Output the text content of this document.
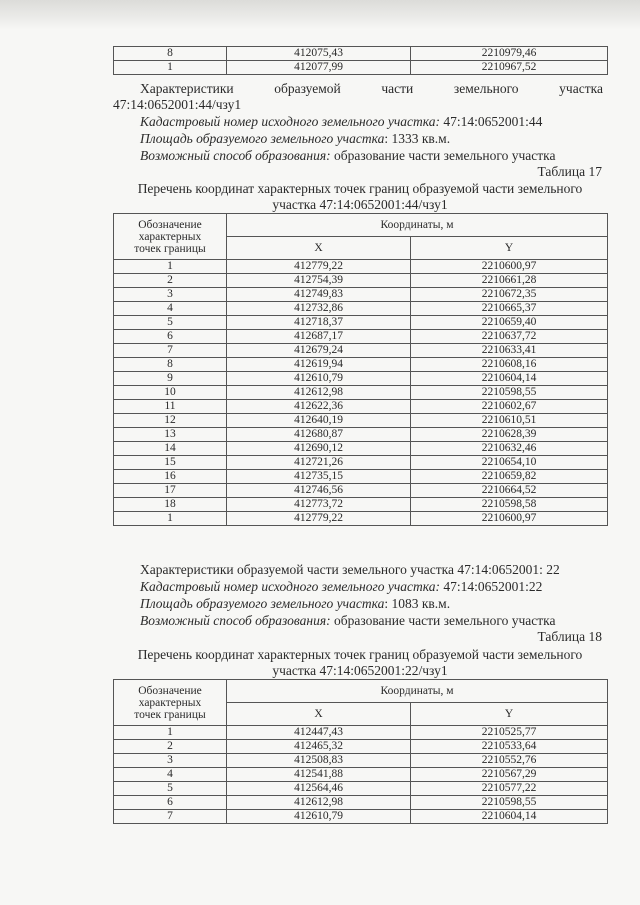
8	412075,43	2210979,46
1	412077,99	2210967,52
Характеристики	образуемой	части	земельного	участка
47:14:0652001:44/чзу1
Кадастровый номер исходного земельного участка: 47:14:0652001:44
Площадь образуемого земельного участка: 1333 кв.м.
Возможный способ образования: образование части земельного участка
Таблица 17
Перечень координат характерных точек границ образуемой части земельного
участка 47:14:0652001:44/чзу1
Обозначение
характерных
точек границы	Координаты, м	
	X	Y
1	412779,22	2210600,97
2	412754,39	2210661,28
3	412749,83	2210672,35
4	412732,86	2210665,37
5	412718,37	2210659,40
6	412687,17	2210637,72
7	412679,24	2210633,41
8	412619,94	2210608,16
9	412610,79	2210604,14
10	412612,98	2210598,55
11	412622,36	2210602,67
12	412640,19	2210610,51
13	412680,87	2210628,39
14	412690,12	2210632,46
15	412721,26	2210654,10
16	412735,15	2210659,82
17	412746,56	2210664,52
18	412773,72	2210598,58
1	412779,22	2210600,97
Характеристики образуемой части земельного участка 47:14:0652001: 22
Кадастровый номер исходного земельного участка: 47:14:0652001:22
Площадь образуемого земельного участка: 1083 кв.м.
Возможный способ образования: образование части земельного участка
Таблица 18
Перечень координат характерных точек границ образуемой части земельного
участка 47:14:0652001:22/чзу1
Обозначение
характерных
точек границы	Координаты, м	
	X	Y
1	412447,43	2210525,77
2	412465,32	2210533,64
3	412508,83	2210552,76
4	412541,88	2210567,29
5	412564,46	2210577,22
6	412612,98	2210598,55
7	412610,79	2210604,14
